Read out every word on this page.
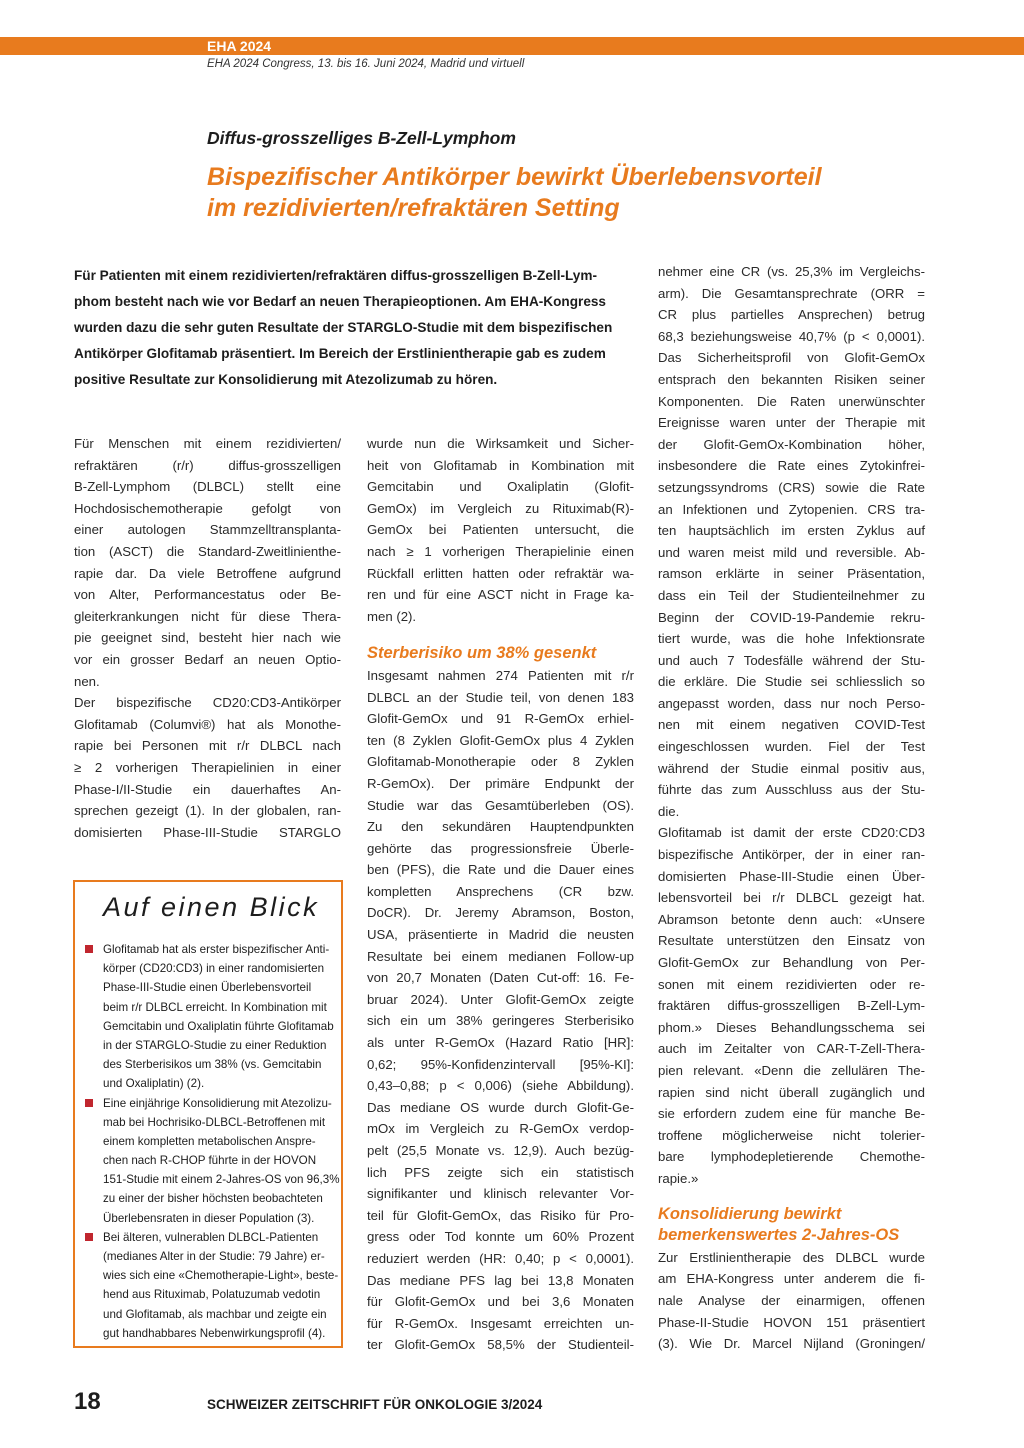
EHA 2024
EHA 2024 Congress, 13. bis 16. Juni 2024, Madrid und virtuell
Diffus-grosszelliges B-Zell-Lymphom
Bispezifischer Antikörper bewirkt Überlebensvorteil
im rezidivierten/refraktären Setting

Für Patienten mit einem rezidivierten/refraktären diffus-grosszelligen B-Zell-Lym-
phom besteht nach wie vor Bedarf an neuen Therapieoptionen. Am EHA-Kongress
wurden dazu die sehr guten Resultate der STARGLO-Studie mit dem bispezifischen
Antikörper Glofitamab präsentiert. Im Bereich der Erstlinientherapie gab es zudem
positive Resultate zur Konsolidierung mit Atezolizumab zu hören.

Für Menschen mit einem rezidivierten/
refraktären (r/r) diffus-grosszelligen
B-Zell-Lymphom (DLBCL) stellt eine
Hochdosischemotherapie gefolgt von
einer autologen Stammzelltransplanta-
tion (ASCT) die Standard-Zweitlinienthe-
rapie dar. Da viele Betroffene aufgrund
von Alter, Performancestatus oder Be-
gleiterkrankungen nicht für diese Thera-
pie geeignet sind, besteht hier nach wie
vor ein grosser Bedarf an neuen Optio-
nen.
Der bispezifische CD20:CD3-Antikörper
Glofitamab (Columvi®) hat als Monothe-
rapie bei Personen mit r/r DLBCL nach
≥ 2 vorherigen Therapielinien in einer
Phase-I/II-Studie ein dauerhaftes An-
sprechen gezeigt (1). In der globalen, ran-
domisierten Phase-III-Studie STARGLO
wurde nun die Wirksamkeit und Sicher-
heit von Glofitamab in Kombination mit
Gemcitabin und Oxaliplatin (Glofit-
GemOx) im Vergleich zu Rituximab(R)-
GemOx bei Patienten untersucht, die
nach ≥ 1 vorherigen Therapielinie einen
Rückfall erlitten hatten oder refraktär wa-
ren und für eine ASCT nicht in Frage ka-
men (2).
Sterberisiko um 38% gesenkt
Insgesamt nahmen 274 Patienten mit r/r
DLBCL an der Studie teil, von denen 183
Glofit-GemOx und 91 R-GemOx erhiel-
ten (8 Zyklen Glofit-GemOx plus 4 Zyklen
Glofitamab-Monotherapie oder 8 Zyklen
R-GemOx). Der primäre Endpunkt der
Studie war das Gesamtüberleben (OS).
Zu den sekundären Hauptendpunkten
gehörte das progressionsfreie Überle-
ben (PFS), die Rate und die Dauer eines
kompletten Ansprechens (CR bzw.
DoCR). Dr. Jeremy Abramson, Boston,
USA, präsentierte in Madrid die neusten
Resultate bei einem medianen Follow-up
von 20,7 Monaten (Daten Cut-off: 16. Fe-
bruar 2024). Unter Glofit-GemOx zeigte
sich ein um 38% geringeres Sterberisiko
als unter R-GemOx (Hazard Ratio [HR]:
0,62; 95%-Konfidenzintervall [95%-KI]:
0,43–0,88; p < 0,006) (siehe Abbildung).
Das mediane OS wurde durch Glofit-Ge-
mOx im Vergleich zu R-GemOx verdop-
pelt (25,5 Monate vs. 12,9). Auch bezüg-
lich PFS zeigte sich ein statistisch
signifikanter und klinisch relevanter Vor-
teil für Glofit-GemOx, das Risiko für Pro-
gress oder Tod konnte um 60% Prozent
reduziert werden (HR: 0,40; p < 0,0001).
Das mediane PFS lag bei 13,8 Monaten
für Glofit-GemOx und bei 3,6 Monaten
für R-GemOx. Insgesamt erreichten un-
ter Glofit-GemOx 58,5% der Studienteil-
nehmer eine CR (vs. 25,3% im Vergleichs-
arm). Die Gesamtansprechrate (ORR =
CR plus partielles Ansprechen) betrug
68,3 beziehungsweise 40,7% (p < 0,0001).
Das Sicherheitsprofil von Glofit-GemOx
entsprach den bekannten Risiken seiner
Komponenten. Die Raten unerwünschter
Ereignisse waren unter der Therapie mit
der Glofit-GemOx-Kombination höher,
insbesondere die Rate eines Zytokinfrei-
setzungssyndroms (CRS) sowie die Rate
an Infektionen und Zytopenien. CRS tra-
ten hauptsächlich im ersten Zyklus auf
und waren meist mild und reversible. Ab-
ramson erklärte in seiner Präsentation,
dass ein Teil der Studienteilnehmer zu
Beginn der COVID-19-Pandemie rekru-
tiert wurde, was die hohe Infektionsrate
und auch 7 Todesfälle während der Stu-
die erkläre. Die Studie sei schliesslich so
angepasst worden, dass nur noch Perso-
nen mit einem negativen COVID-Test
eingeschlossen wurden. Fiel der Test
während der Studie einmal positiv aus,
führte das zum Ausschluss aus der Stu-
die.
Glofitamab ist damit der erste CD20:CD3
bispezifische Antikörper, der in einer ran-
domisierten Phase-III-Studie einen Über-
lebensvorteil bei r/r DLBCL gezeigt hat.
Abramson betonte denn auch: «Unsere
Resultate unterstützen den Einsatz von
Glofit-GemOx zur Behandlung von Per-
sonen mit einem rezidivierten oder re-
fraktären diffus-grosszelligen B-Zell-Lym-
phom.» Dieses Behandlungsschema sei
auch im Zeitalter von CAR-T-Zell-Thera-
pien relevant. «Denn die zellulären The-
rapien sind nicht überall zugänglich und
sie erfordern zudem eine für manche Be-
troffene möglicherweise nicht tolerier-
bare lymphodepletierende Chemothe-
rapie.»
Konsolidierung bewirkt
bemerkenswertes 2-Jahres-OS
Zur Erstlinientherapie des DLBCL wurde
am EHA-Kongress unter anderem die fi-
nale Analyse der einarmigen, offenen
Phase-II-Studie HOVON 151 präsentiert
(3). Wie Dr. Marcel Nijland (Groningen/
Auf einen Blick
Glofitamab hat als erster bispezifischer Anti-
körper (CD20:CD3) in einer randomisierten
Phase-III-Studie einen Überlebensvorteil
beim r/r DLBCL erreicht. In Kombination mit
Gemcitabin und Oxaliplatin führte Glofitamab
in der STARGLO-Studie zu einer Reduktion
des Sterberisikos um 38% (vs. Gemcitabin
und Oxaliplatin) (2).
Eine einjährige Konsolidierung mit Atezolizu-
mab bei Hochrisiko-DLBCL-Betroffenen mit
einem kompletten metabolischen Anspre-
chen nach R-CHOP führte in der HOVON
151-Studie mit einem 2-Jahres-OS von 96,3%
zu einer der bisher höchsten beobachteten
Überlebensraten in dieser Population (3).
Bei älteren, vulnerablen DLBCL-Patienten
(medianes Alter in der Studie: 79 Jahre) er-
wies sich eine «Chemotherapie-Light», beste-
hend aus Rituximab, Polatuzumab vedotin
und Glofitamab, als machbar und zeigte ein
gut handhabbares Nebenwirkungsprofil (4).
18	SCHWEIZER ZEITSCHRIFT FÜR ONKOLOGIE 3/2024
